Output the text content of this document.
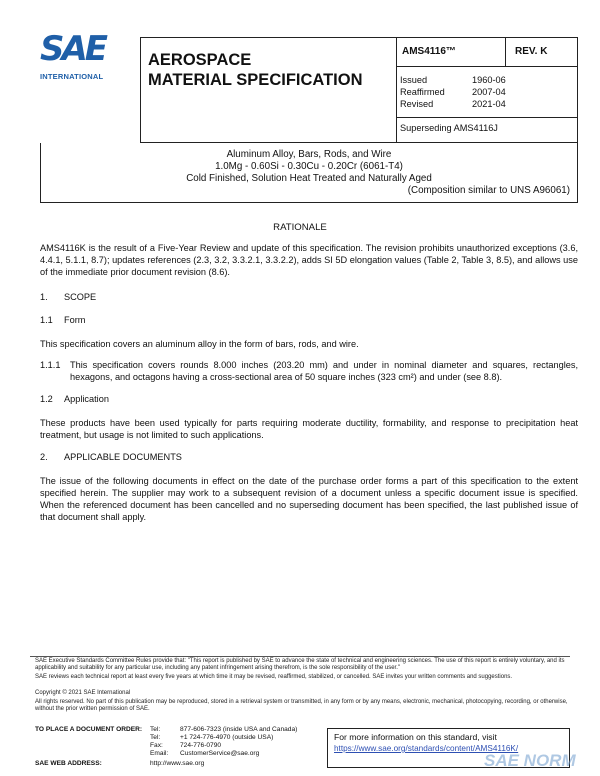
SAE
INTERNATIONAL
AEROSPACE
MATERIAL SPECIFICATION
AMS4116™	REV. K
Issued	1960-06
Reaffirmed	2007-04
Revised	2021-04
Superseding AMS4116J
Aluminum Alloy, Bars, Rods, and Wire
1.0Mg - 0.60Si - 0.30Cu - 0.20Cr (6061-T4)
Cold Finished, Solution Heat Treated and Naturally Aged
(Composition similar to UNS A96061)
RATIONALE
AMS4116K is the result of a Five-Year Review and update of this specification. The revision prohibits unauthorized exceptions (3.6, 4.4.1, 5.1.1, 8.7); updates references (2.3, 3.2, 3.3.2.1, 3.3.2.2), adds SI 5D elongation values (Table 2, Table 3, 8.5), and allows use of the immediate prior document revision (8.6).
1. SCOPE
1.1 Form
This specification covers an aluminum alloy in the form of bars, rods, and wire.
1.1.1	This specification covers rounds 8.000 inches (203.20 mm) and under in nominal diameter and squares, rectangles, hexagons, and octagons having a cross-sectional area of 50 square inches (323 cm²) and under (see 8.8).
1.2 Application
These products have been used typically for parts requiring moderate ductility, formability, and response to precipitation heat treatment, but usage is not limited to such applications.
2. APPLICABLE DOCUMENTS
The issue of the following documents in effect on the date of the purchase order forms a part of this specification to the extent specified herein. The supplier may work to a subsequent revision of a document unless a specific document issue is specified. When the referenced document has been cancelled and no superseding document has been specified, the last published issue of that document shall apply.
SAE Executive Standards Committee Rules provide that: "This report is published by SAE to advance the state of technical and engineering sciences. The use of this report is entirely voluntary, and its applicability and suitability for any particular use, including any patent infringement arising therefrom, is the sole responsibility of the user."
SAE reviews each technical report at least every five years at which time it may be revised, reaffirmed, stabilized, or cancelled. SAE invites your written comments and suggestions.
Copyright © 2021 SAE International
All rights reserved. No part of this publication may be reproduced, stored in a retrieval system or transmitted, in any form or by any means, electronic, mechanical, photocopying, recording, or otherwise, without the prior written permission of SAE.
TO PLACE A DOCUMENT ORDER:	Tel:	877-606-7323 (inside USA and Canada)
Tel:	+1 724-776-4970 (outside USA)
Fax:	724-776-0790
Email:	CustomerService@sae.org
SAE WEB ADDRESS:	http://www.sae.org
For more information on this standard, visit
https://www.sae.org/standards/content/AMS4116K/
SAE NORM
